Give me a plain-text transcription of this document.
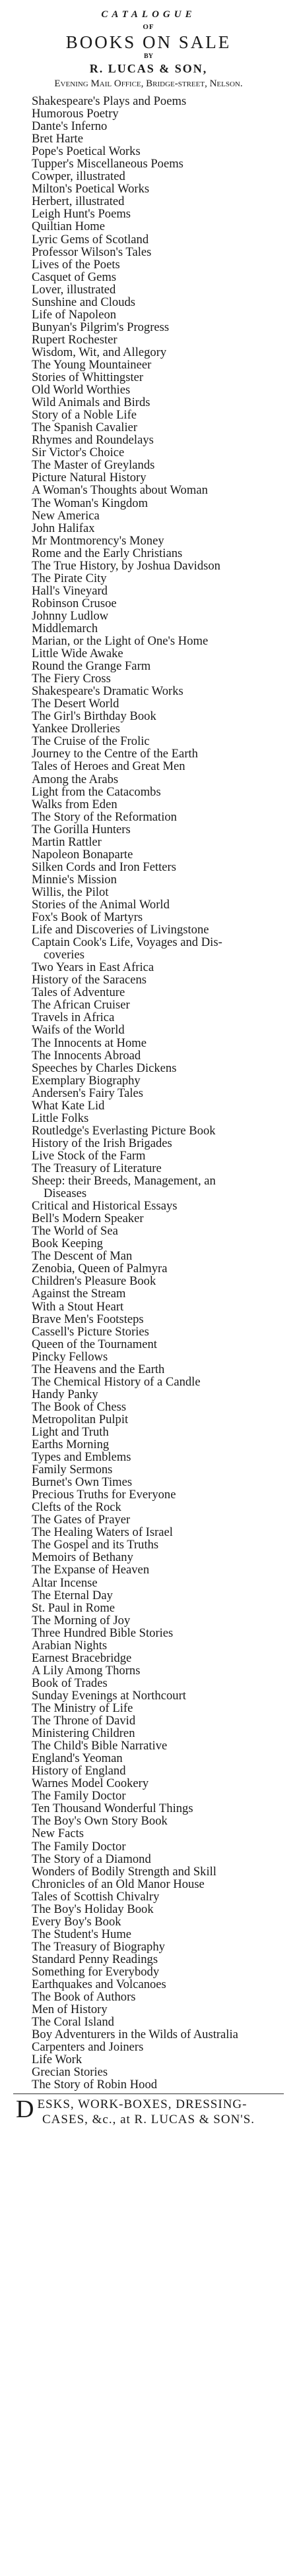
CATALOGUE
OF
BOOKS ON SALE
BY
R. LUCAS & SON,
Evening Mail Office, Bridge-street, Nelson.
Shakespeare's Plays and Poems
Humorous Poetry
Dante's Inferno
Bret Harte
Pope's Poetical Works
Tupper's Miscellaneous Poems
Cowper, illustrated
Milton's Poetical Works
Herbert, illustrated
Leigh Hunt's Poems
Quiltian Home
Lyric Gems of Scotland
Professor Wilson's Tales
Lives of the Poets
Casquet of Gems
Lover, illustrated
Sunshine and Clouds
Life of Napoleon
Bunyan's Pilgrim's Progress
Rupert Rochester
Wisdom, Wit, and Allegory
The Young Mountaineer
Stories of Whittingster
Old World Worthies
Wild Animals and Birds
Story of a Noble Life
The Spanish Cavalier
Rhymes and Roundelays
Sir Victor's Choice
The Master of Greylands
Picture Natural History
A Woman's Thoughts about Woman
The Woman's Kingdom
New America
John Halifax
Mr Montmorency's Money
Rome and the Early Christians
The True History, by Joshua Davidson
The Pirate City
Hall's Vineyard
Robinson Crusoe
Johnny Ludlow
Middlemarch
Marian, or the Light of One's Home
Little Wide Awake
Round the Grange Farm
The Fiery Cross
Shakespeare's Dramatic Works
The Desert World
The Girl's Birthday Book
Yankee Drolleries
The Cruise of the Frolic
Journey to the Centre of the Earth
Tales of Heroes and Great Men
Among the Arabs
Light from the Catacombs
Walks from Eden
The Story of the Reformation
The Gorilla Hunters
Martin Rattler
Napoleon Bonaparte
Silken Cords and Iron Fetters
Minnie's Mission
Willis, the Pilot
Stories of the Animal World
Fox's Book of Martyrs
Life and Discoveries of Livingstone
Captain Cook's Life, Voyages and Dis-
coveries
Two Years in East Africa
History of the Saracens
Tales of Adventure
The African Cruiser
Travels in Africa
Waifs of the World
The Innocents at Home
The Innocents Abroad
Speeches by Charles Dickens
Exemplary Biography
Andersen's Fairy Tales
What Kate Lid
Little Folks
Routledge's Everlasting Picture Book
History of the Irish Brigades
Live Stock of the Farm
The Treasury of Literature
Sheep: their Breeds, Management, an
Diseases
Critical and Historical Essays
Bell's Modern Speaker
The World of Sea
Book Keeping
The Descent of Man
Zenobia, Queen of Palmyra
Children's Pleasure Book
Against the Stream
With a Stout Heart
Brave Men's Footsteps
Cassell's Picture Stories
Queen of the Tournament
Pincky Fellows
The Heavens and the Earth
The Chemical History of a Candle
Handy Panky
The Book of Chess
Metropolitan Pulpit
Light and Truth
Earths Morning
Types and Emblems
Family Sermons
Burnet's Own Times
Precious Truths for Everyone
Clefts of the Rock
The Gates of Prayer
The Healing Waters of Israel
The Gospel and its Truths
Memoirs of Bethany
The Expanse of Heaven
Altar Incense
The Eternal Day
St. Paul in Rome
The Morning of Joy
Three Hundred Bible Stories
Arabian Nights
Earnest Bracebridge
A Lily Among Thorns
Book of Trades
Sunday Evenings at Northcourt
The Ministry of Life
The Throne of David
Ministering Children
The Child's Bible Narrative
England's Yeoman
History of England
Warnes Model Cookery
The Family Doctor
Ten Thousand Wonderful Things
The Boy's Own Story Book
New Facts
The Family Doctor
The Story of a Diamond
Wonders of Bodily Strength and Skill
Chronicles of an Old Manor House
Tales of Scottish Chivalry
The Boy's Holiday Book
Every Boy's Book
The Student's Hume
The Treasury of Biography
Standard Penny Readings
Something for Everybody
Earthquakes and Volcanoes
The Book of Authors
Men of History
The Coral Island
Boy Adventurers in the Wilds of Australia
Carpenters and Joiners
Life Work
Grecian Stories
The Story of Robin Hood
D ESKS, WORK-BOXES, DRESSING-
CASES, &c., at R. LUCAS & SON'S.
